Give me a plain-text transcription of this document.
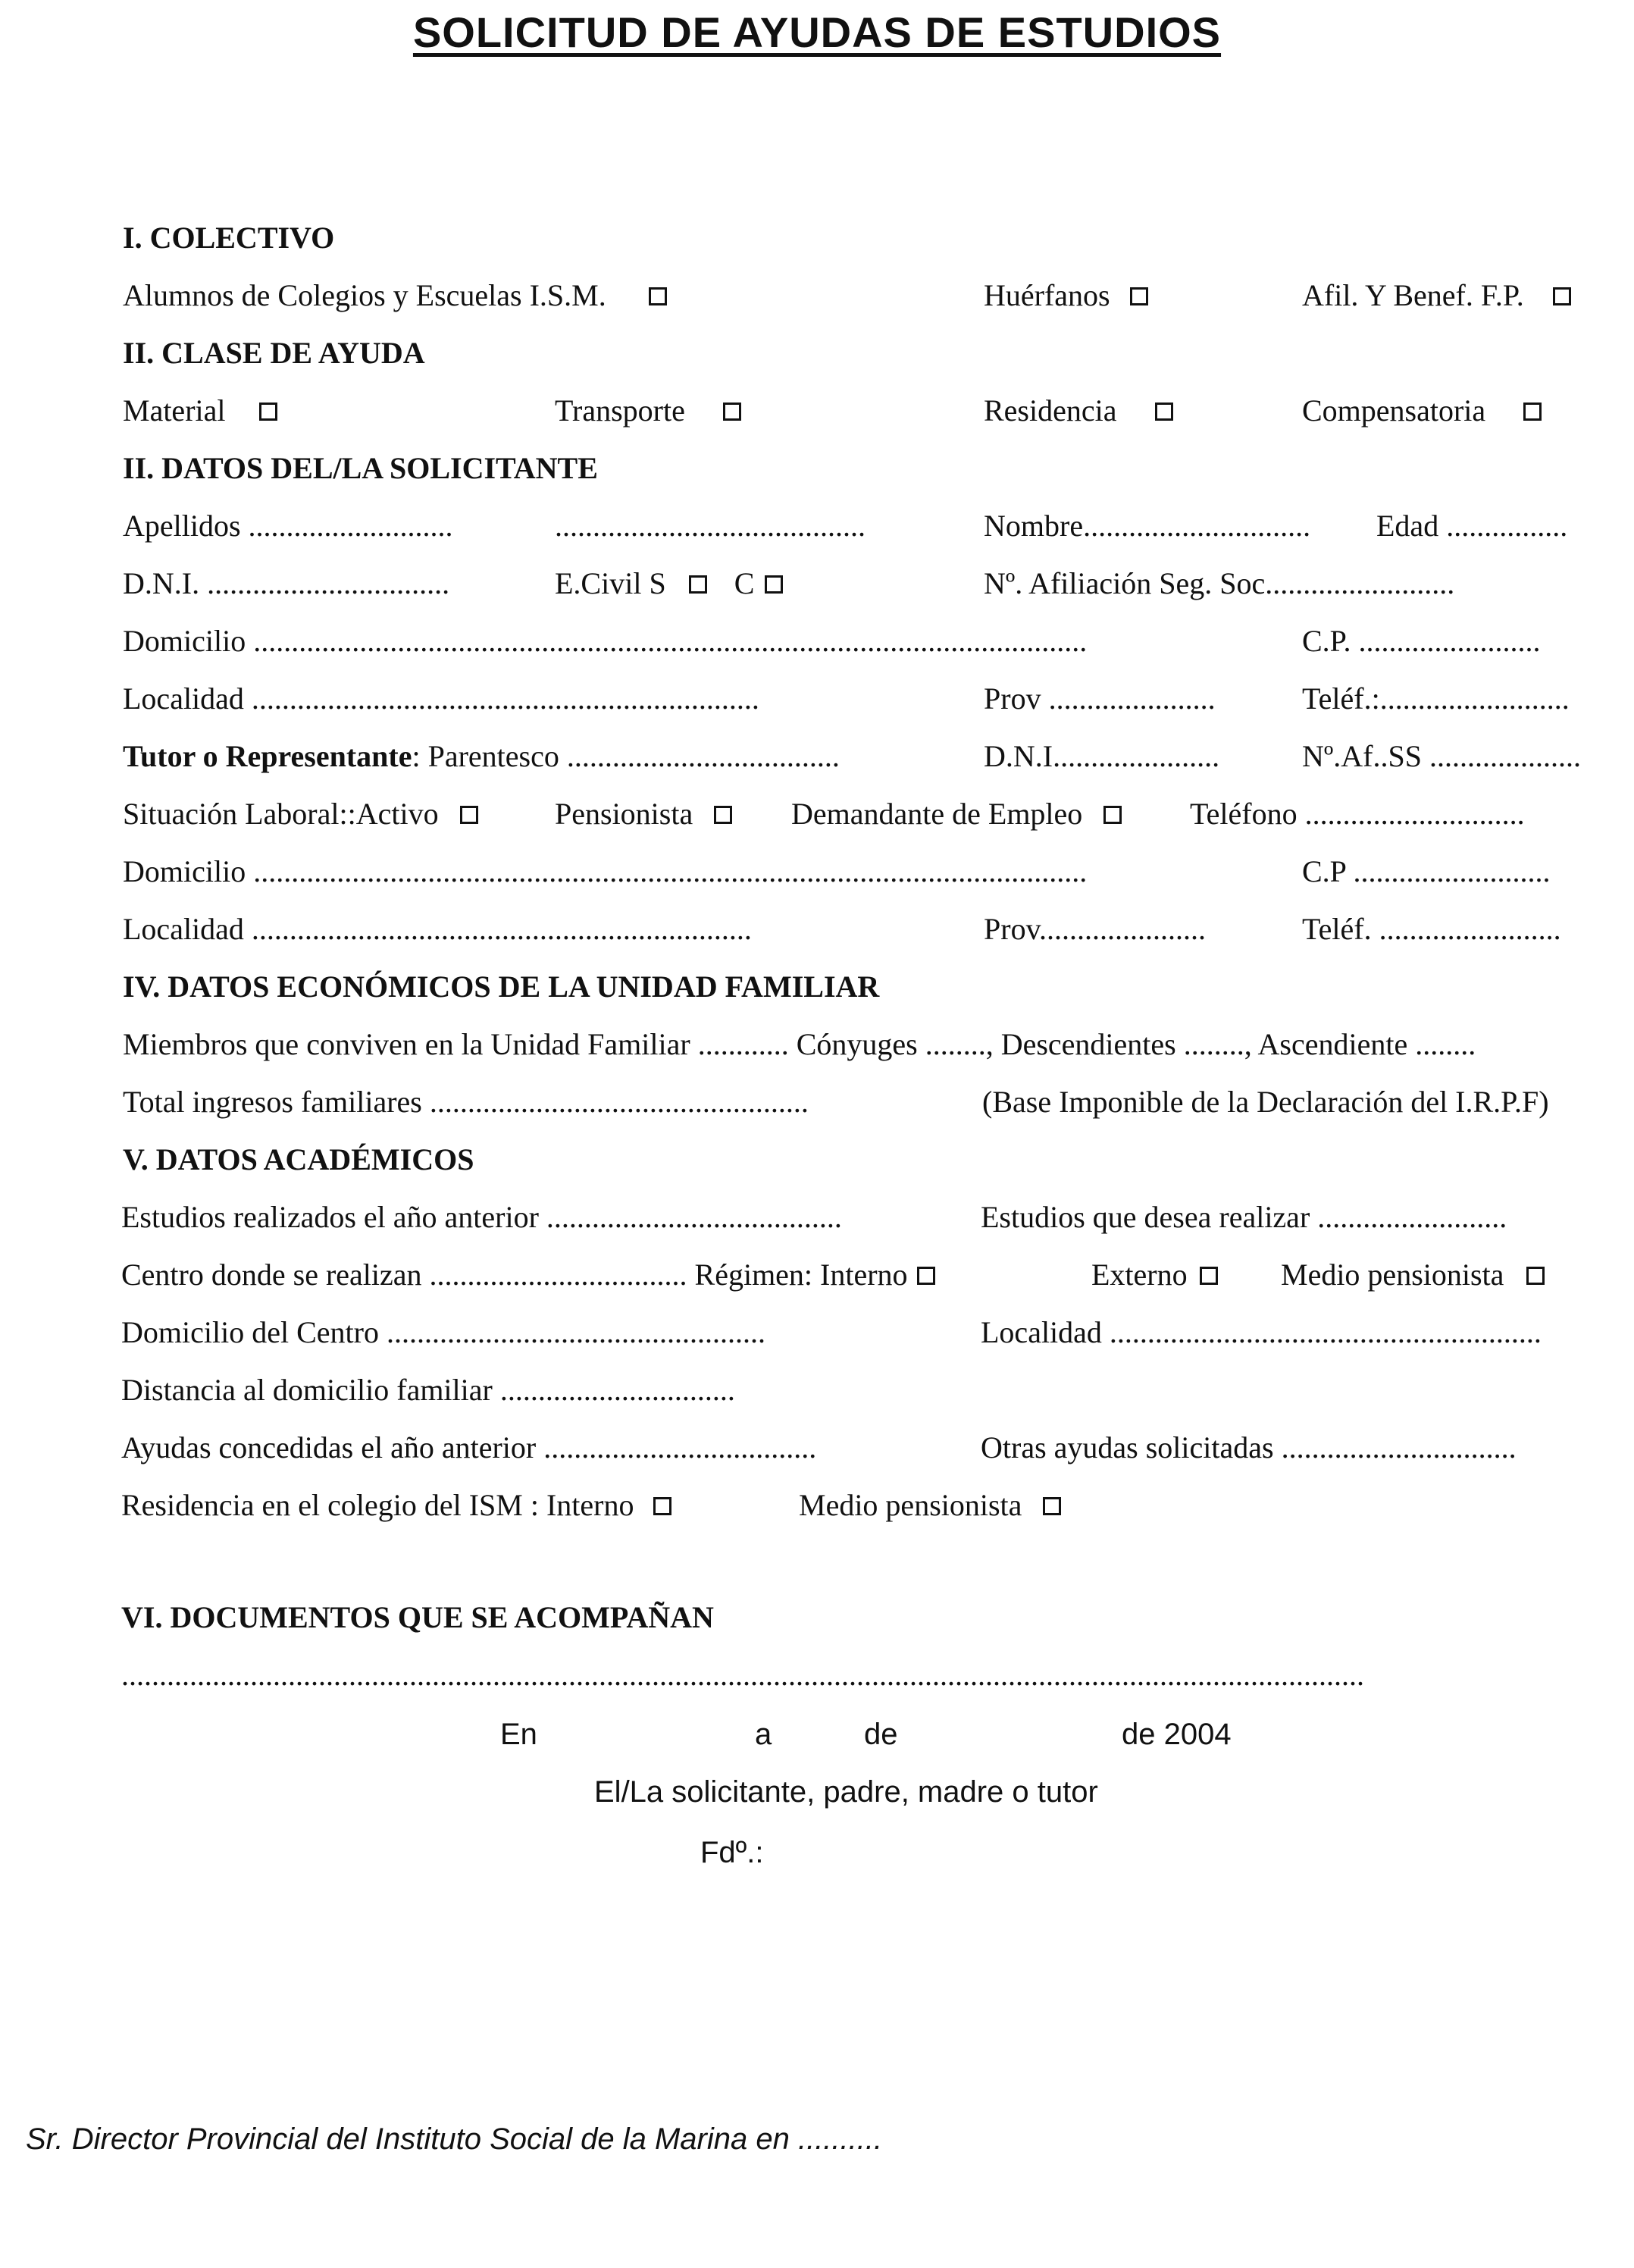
SOLICITUD DE AYUDAS DE ESTUDIOS
I. COLECTIVO
Alumnos de Colegios y Escuelas I.S.M.	Huérfanos	Afil. Y Benef. F.P.
II. CLASE DE AYUDA
Material	Transporte	Residencia	Compensatoria
II. DATOS DEL/LA SOLICITANTE
Apellidos ...........................	.........................................	Nombre.............................. Edad ................
D.N.I. ................................	E.Civil S C	Nº. Afiliación Seg. Soc.........................
Domicilio ..............................................................................................................	C.P. ........................
Localidad ...................................................................	Prov ......................	Teléf.:.........................
Tutor o Representante: Parentesco ....................................	D.N.I......................	Nº.Af..SS ....................
Situación Laboral::Activo	Pensionista	Demandante de Empleo	Teléfono .............................
Domicilio ..............................................................................................................	C.P ..........................
Localidad ..................................................................	Prov......................	Teléf. ........................
IV. DATOS ECONÓMICOS DE LA UNIDAD FAMILIAR
Miembros que conviven en la Unidad Familiar ............ Cónyuges ........, Descendientes ........, Ascendiente ........
Total ingresos familiares ..................................................	(Base Imponible de la Declaración del I.R.P.F)
V. DATOS ACADÉMICOS
Estudios realizados el año anterior .......................................	Estudios que desea realizar .........................
Centro donde se realizan .................................. Régimen: Interno	Externo	Medio pensionista
Domicilio del Centro ..................................................	Localidad .........................................................
Distancia al domicilio familiar ...............................
Ayudas concedidas el año anterior ....................................	Otras ayudas solicitadas ...............................
Residencia en el colegio del ISM : Interno	Medio pensionista
VI. DOCUMENTOS QUE SE ACOMPAÑAN
....................................................................................................................................................................
En	a	de	de 2004
El/La solicitante, padre, madre o tutor
Fdº.:
Sr. Director Provincial del Instituto Social de la Marina en ..........
